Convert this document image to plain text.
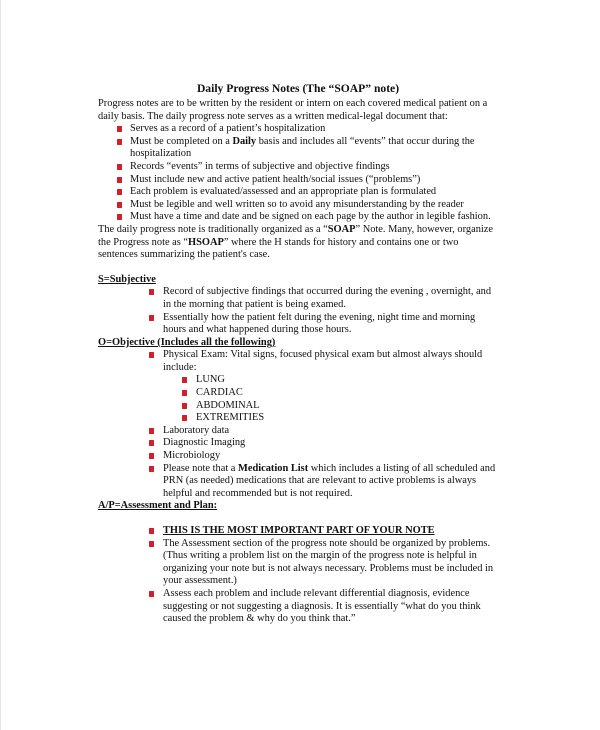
Daily Progress Notes (The “SOAP” note)

Progress notes are to be written by the resident or intern on each covered medical patient on a daily basis. The daily progress note serves as a written medical-legal document that:

Serves as a record of a patient’s hospitalization
Must be completed on a Daily basis and includes all “events” that occur during the hospitalization
Records “events” in terms of subjective and objective findings
Must include new and active patient health/social issues (“problems”)
Each problem is evaluated/assessed and an appropriate plan is formulated
Must be legible and well written so to avoid any misunderstanding by the reader
Must have a time and date and be signed on each page by the author in legible fashion.

The daily progress note is traditionally organized as a “SOAP” Note. Many, however, organize the Progress note as “HSOAP” where the H stands for history and contains one or two sentences summarizing the patient's case.

S=Subjective

Record of subjective findings that occurred during the evening , overnight, and in the morning that patient is being examed.
Essentially how the patient felt during the evening, night time and morning hours and what happened during those hours.

O=Objective (Includes all the following)

Physical Exam: Vital signs, focused physical exam but almost always should include:
LUNG
CARDIAC
ABDOMINAL
EXTREMITIES
Laboratory data
Diagnostic Imaging
Microbiology
Please note that a Medication List which includes a listing of all scheduled and PRN (as needed) medications that are relevant to active problems is always helpful and recommended but is not required.

A/P=Assessment and Plan:

THIS IS THE MOST IMPORTANT PART OF YOUR NOTE
The Assessment section of the progress note should be organized by problems. (Thus writing a problem list on the margin of the progress note is helpful in organizing your note but is not always necessary. Problems must be included in your assessment.)
Assess each problem and include relevant differential diagnosis, evidence suggesting or not suggesting a diagnosis. It is essentially “what do you think caused the problem & why do you think that.”
